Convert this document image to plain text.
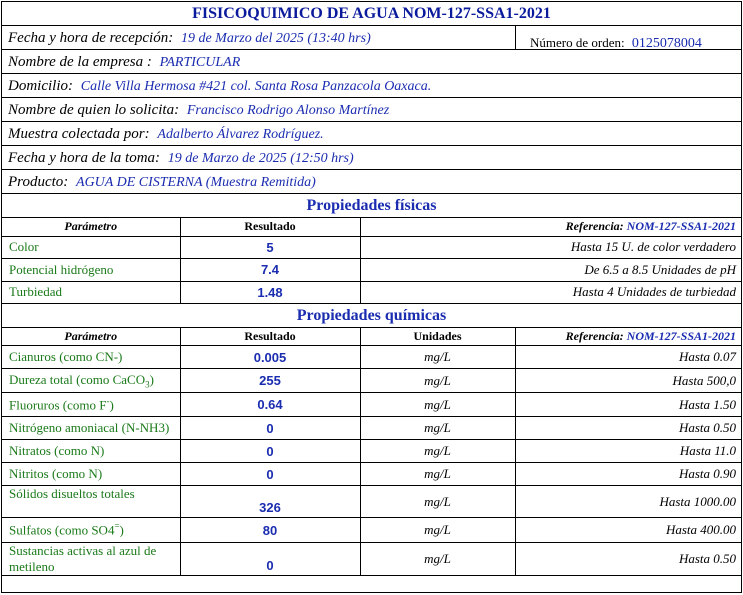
FISICOQUIMICO DE AGUA NOM-127-SSA1-2021
Fecha y hora de recepción: 19 de Marzo del 2025 (13:40 hrs)	Número de orden: 0125078004
Nombre de la empresa : PARTICULAR
Domicilio: Calle Villa Hermosa #421 col. Santa Rosa Panzacola Oaxaca.
Nombre de quien lo solicita: Francisco Rodrigo Alonso Martínez
Muestra colectada por: Adalberto Álvarez Rodríguez.
Fecha y hora de la toma: 19 de Marzo de 2025 (12:50 hrs)
Producto: AGUA DE CISTERNA (Muestra Remitida)
Propiedades físicas
Parámetro	Resultado	Referencia: NOM-127-SSA1-2021
Color	5	Hasta 15 U. de color verdadero
Potencial hidrógeno	7.4	De 6.5 a 8.5 Unidades de pH
Turbiedad	1.48	Hasta 4 Unidades de turbiedad
Propiedades químicas
Parámetro	Resultado	Unidades	Referencia: NOM-127-SSA1-2021
Cianuros (como CN-)	0.005	mg/L	Hasta 0.07
Dureza total (como CaCO$_3$)	255	mg/L	Hasta 500,0
Fluoruros (como F-)	0.64	mg/L	Hasta 1.50
Nitrógeno amoniacal (N-NH3)	0	mg/L	Hasta 0.50
Nitratos (como N)	0	mg/L	Hasta 11.0
Nitritos (como N)	0	mg/L	Hasta 0.90
Sólidos disueltos totales	326	mg/L	Hasta 1000.00
Sulfatos (como SO4=)	80	mg/L	Hasta 400.00
Sustancias activas al azul de metileno	0	mg/L	Hasta 0.50
